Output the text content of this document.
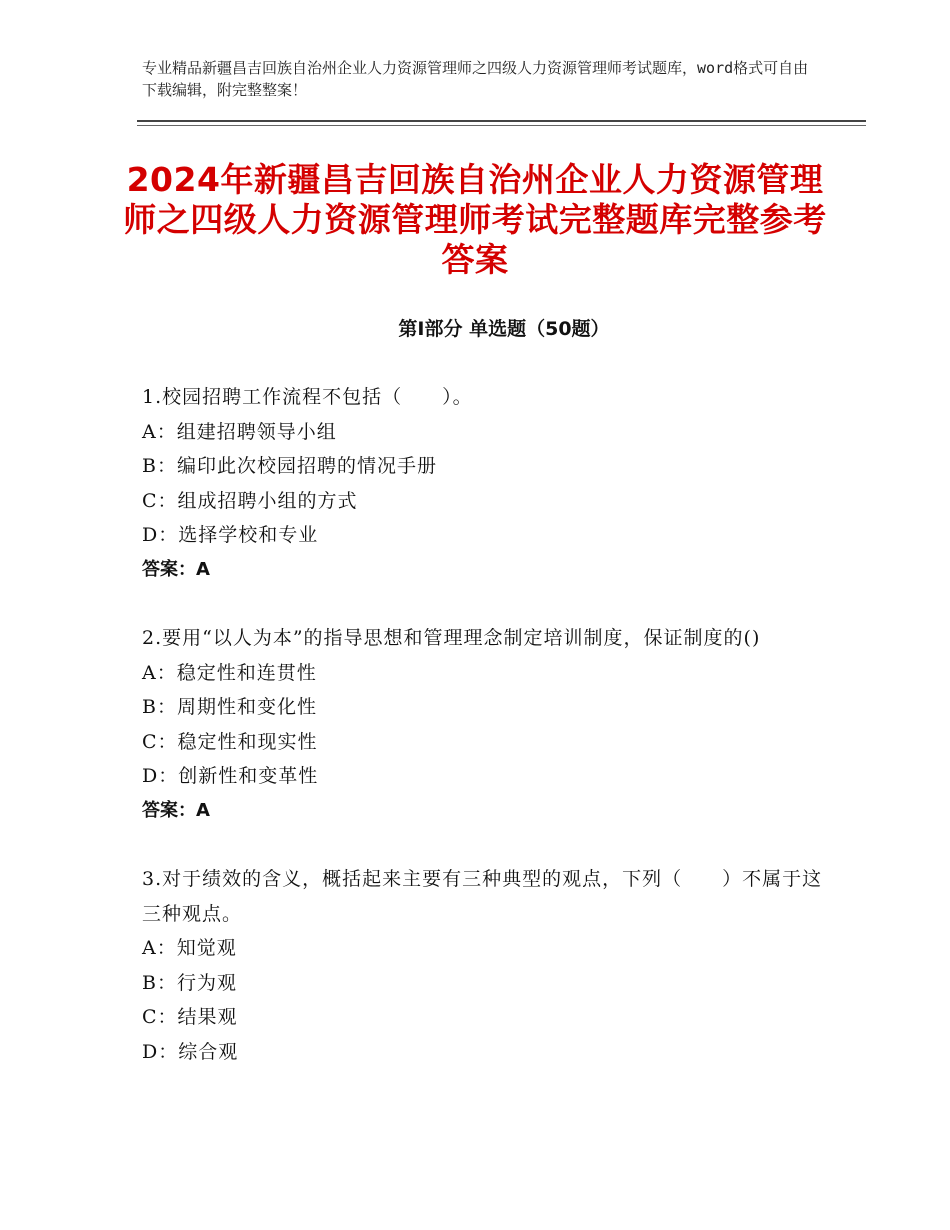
专业精品新疆昌吉回族自治州企业人力资源管理师之四级人力资源管理师考试题库，word格式可自由下载编辑，附完整整案！
2024年新疆昌吉回族自治州企业人力资源管理师之四级人力资源管理师考试完整题库完整参考答案
第Ⅰ部分 单选题（50题）
1.校园招聘工作流程不包括（　　）。
A：组建招聘领导小组
B：编印此次校园招聘的情况手册
C：组成招聘小组的方式
D：选择学校和专业
答案：A
2.要用“以人为本”的指导思想和管理理念制定培训制度，保证制度的()
A：稳定性和连贯性
B：周期性和变化性
C：稳定性和现实性
D：创新性和变革性
答案：A
3.对于绩效的含义，概括起来主要有三种典型的观点，下列（　　）不属于这三种观点。
A：知觉观
B：行为观
C：结果观
D：综合观
